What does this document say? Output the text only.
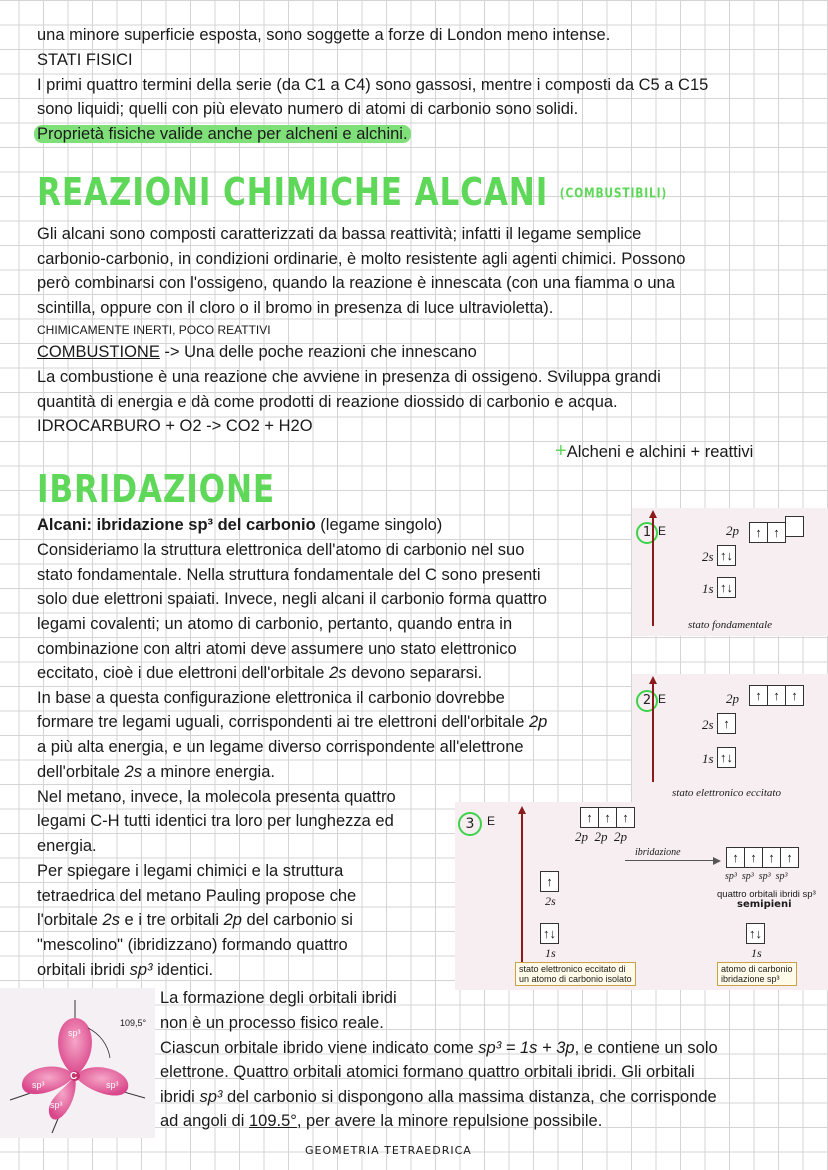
una minore superficie esposta, sono soggette a forze di London meno intense.
STATI FISICI
I primi quattro termini della serie (da C1 a C4) sono gassosi, mentre i composti da C5 a C15
sono liquidi; quelli con più elevato numero di atomi di carbonio sono solidi.
Proprietà fisiche valide anche per alcheni e alchini.
REAZIONI CHIMICHE ALCANI (COMBUSTIBILI)
Gli alcani sono composti caratterizzati da bassa reattività; infatti il legame semplice
carbonio-carbonio, in condizioni ordinarie, è molto resistente agli agenti chimici. Possono
però combinarsi con l'ossigeno, quando la reazione è innescata (con una fiamma o una
scintilla, oppure con il cloro o il bromo in presenza di luce ultravioletta).
CHIMICAMENTE INERTI, POCO REATTIVI
COMBUSTIONE -> Una delle poche reazioni che innescano
La combustione è una reazione che avviene in presenza di ossigeno. Sviluppa grandi
quantità di energia e dà come prodotti di reazione diossido di carbonio e acqua.
IDROCARBURO + O2 -> CO2 + H2O
+Alcheni e alchini + reattivi
IBRIDAZIONE
Alcani: ibridazione sp³ del carbonio (legame singolo)
Consideriamo la struttura elettronica dell'atomo di carbonio nel suo
stato fondamentale. Nella struttura fondamentale del C sono presenti
solo due elettroni spaiati. Invece, negli alcani il carbonio forma quattro
legami covalenti; un atomo di carbonio, pertanto, quando entra in
combinazione con altri atomi deve assumere uno stato elettronico
eccitato, cioè i due elettroni dell'orbitale 2s devono separarsi.
In base a questa configurazione elettronica il carbonio dovrebbe
formare tre legami uguali, corrispondenti ai tre elettroni dell'orbitale 2p
a più alta energia, e un legame diverso corrispondente all'elettrone
dell'orbitale 2s a minore energia.
Nel metano, invece, la molecola presenta quattro
legami C-H tutti identici tra loro per lunghezza ed
energia.
Per spiegare i legami chimici e la struttura
tetraedrica del metano Pauling propose che
l'orbitale 2s e i tre orbitali 2p del carbonio si
"mescolino" (ibridizzano) formando quattro
orbitali ibridi sp³ identici.
1 E	2p	↑ ↑
2s ↑↓
1s ↑↓
stato fondamentale
2 E	2p	↑ ↑ ↑
2s ↑
1s ↑↓
stato elettronico eccitato
3	E	↑ ↑ ↑
2p  2p  2p
↑
2s
↑↓
1s
ibridazione	↑ ↑ ↑ ↑
sp³  sp³  sp³  sp³
quattro orbitali ibridi sp³
semipieni
↑↓
1s
stato elettronico eccitato di
un atomo di carbonio isolato
atomo di carbonio
ibridazione sp³
109,5°
C
sp³
sp³	sp³
sp³
La formazione degli orbitali ibridi
non è un processo fisico reale.
Ciascun orbitale ibrido viene indicato come sp³ = 1s + 3p, e contiene un solo
elettrone. Quattro orbitali atomici formano quattro orbitali ibridi. Gli orbitali
ibridi sp³ del carbonio si dispongono alla massima distanza, che corrisponde
ad angoli di 109.5°, per avere la minore repulsione possibile.
GEOMETRIA TETRAEDRICA
